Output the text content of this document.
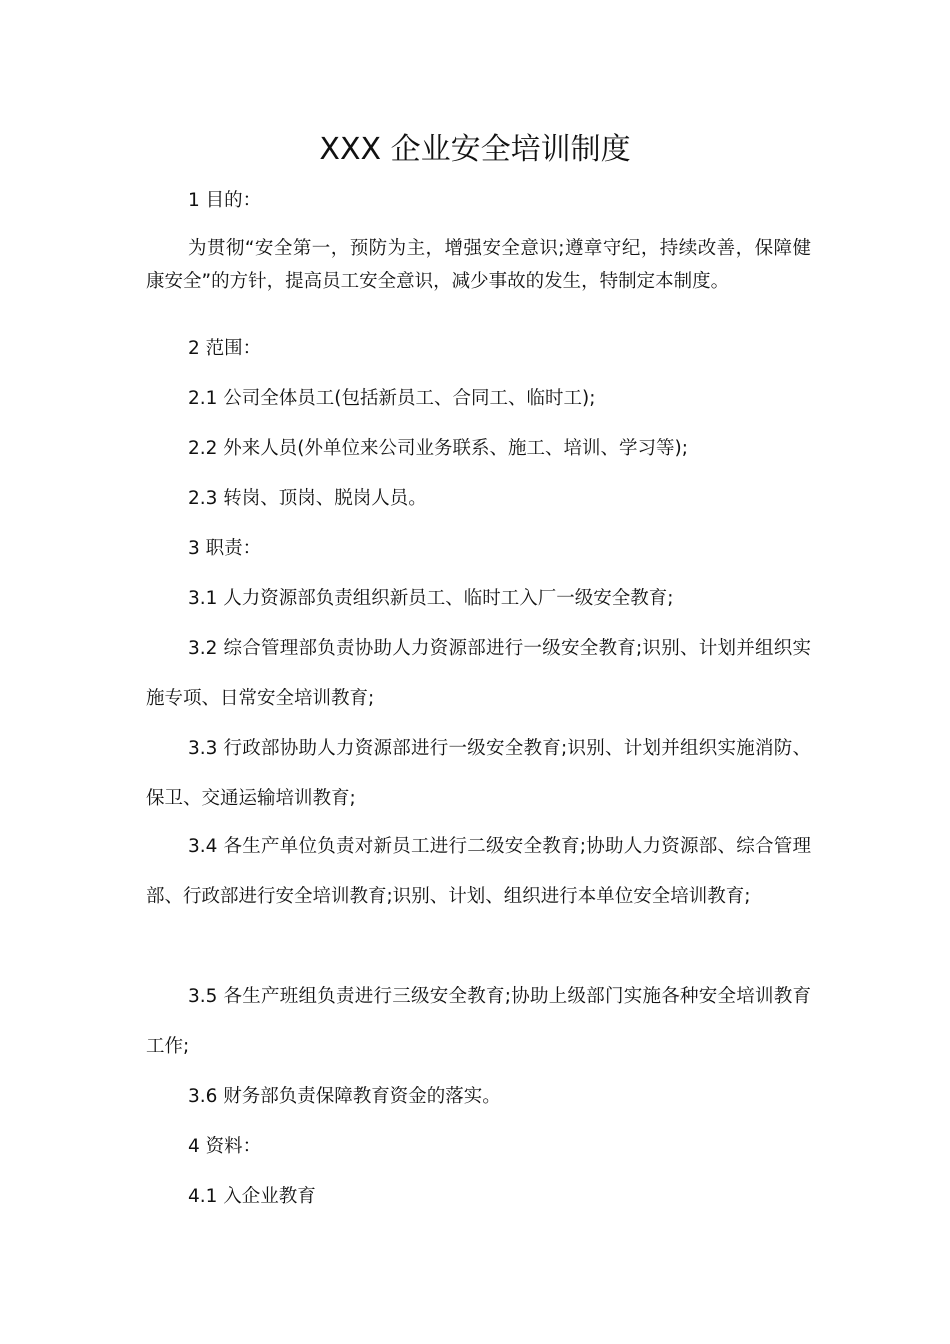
XXX 企业安全培训制度

1 目的：

为贯彻“安全第一，预防为主，增强安全意识;遵章守纪，持续改善，保障健康安全”的方针，提高员工安全意识，减少事故的发生，特制定本制度。

2 范围：

2.1 公司全体员工(包括新员工、合同工、临时工);

2.2 外来人员(外单位来公司业务联系、施工、培训、学习等);

2.3 转岗、顶岗、脱岗人员。

3 职责：

3.1 人力资源部负责组织新员工、临时工入厂一级安全教育;

3.2 综合管理部负责协助人力资源部进行一级安全教育;识别、计划并组织实施专项、日常安全培训教育;

3.3 行政部协助人力资源部进行一级安全教育;识别、计划并组织实施消防、保卫、交通运输培训教育;

3.4 各生产单位负责对新员工进行二级安全教育;协助人力资源部、综合管理部、行政部进行安全培训教育;识别、计划、组织进行本单位安全培训教育;

3.5 各生产班组负责进行三级安全教育;协助上级部门实施各种安全培训教育工作;

3.6 财务部负责保障教育资金的落实。

4 资料：

4.1 入企业教育
